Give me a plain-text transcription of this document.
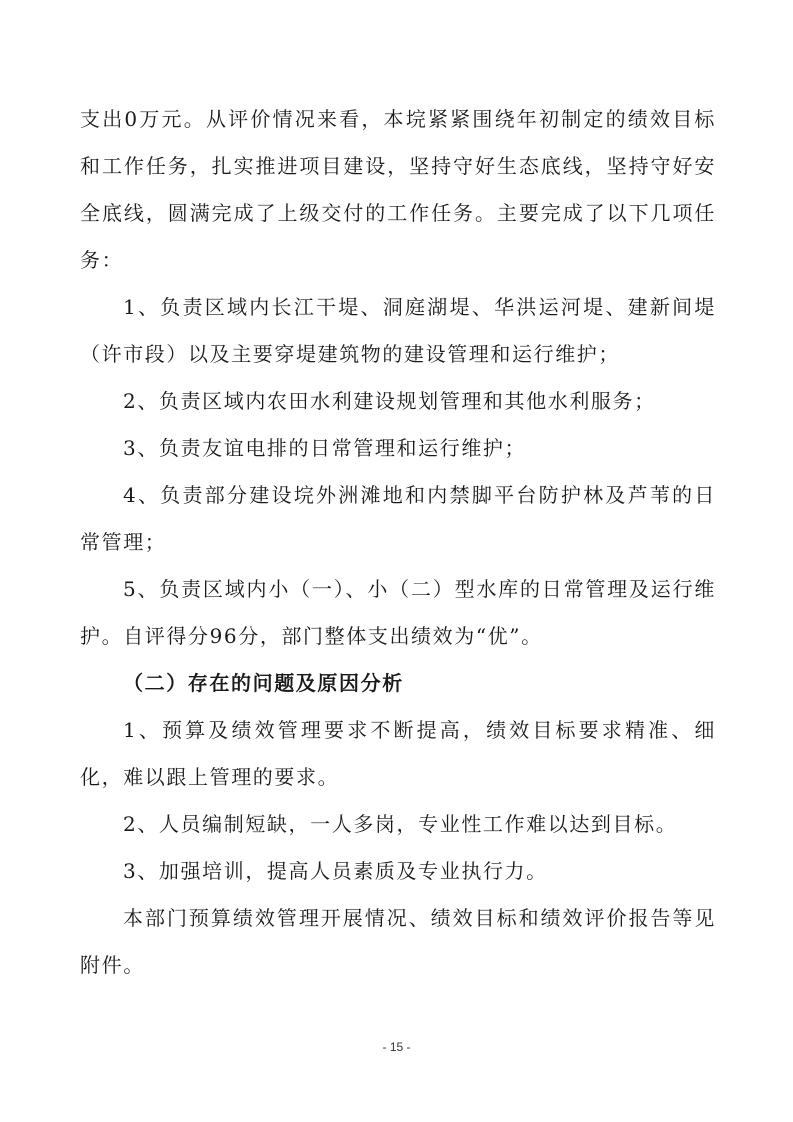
支出0万元。从评价情况来看，本垸紧紧围绕年初制定的绩效目标和工作任务，扎实推进项目建设，坚持守好生态底线，坚持守好安全底线，圆满完成了上级交付的工作任务。主要完成了以下几项任务：

1、负责区域内长江干堤、洞庭湖堤、华洪运河堤、建新间堤（许市段）以及主要穿堤建筑物的建设管理和运行维护；

2、负责区域内农田水利建设规划管理和其他水利服务；

3、负责友谊电排的日常管理和运行维护；

4、负责部分建设垸外洲滩地和内禁脚平台防护林及芦苇的日常管理；

5、负责区域内小（一）、小（二）型水库的日常管理及运行维护。自评得分96分，部门整体支出绩效为“优”。

（二）存在的问题及原因分析

1、预算及绩效管理要求不断提高，绩效目标要求精准、细化，难以跟上管理的要求。

2、人员编制短缺，一人多岗，专业性工作难以达到目标。

3、加强培训，提高人员素质及专业执行力。

本部门预算绩效管理开展情况、绩效目标和绩效评价报告等见附件。

- 15 -
